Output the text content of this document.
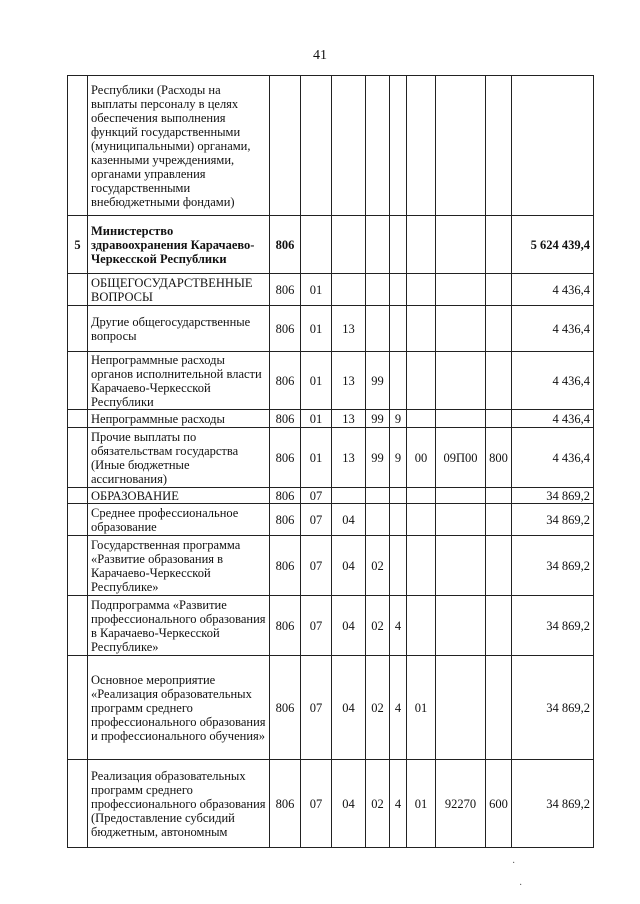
41
	Республики (Расходы на выплаты персоналу в целях обеспечения выполнения функций государственными (муниципальными) органами, казенными учреждениями, органами управления государственными внебюджетными фондами)									
5	Министерство здравоохранения Карачаево-Черкесской Республики	806								5 624 439,4
	ОБЩЕГОСУДАРСТВЕННЫЕ ВОПРОСЫ	806	01							4 436,4
	Другие общегосударственные вопросы	806	01	13						4 436,4
	Непрограммные расходы органов исполнительной власти Карачаево-Черкесской Республики	806	01	13	99					4 436,4
	Непрограммные расходы	806	01	13	99	9				4 436,4
	Прочие выплаты по обязательствам государства (Иные бюджетные ассигнования)	806	01	13	99	9	00	09П00	800	4 436,4
	ОБРАЗОВАНИЕ	806	07							34 869,2
	Среднее профессиональное образование	806	07	04						34 869,2
	Государственная программа «Развитие образования в Карачаево-Черкесской Республике»	806	07	04	02					34 869,2
	Подпрограмма «Развитие профессионального образования в Карачаево-Черкесской Республике»	806	07	04	02	4				34 869,2
	Основное мероприятие «Реализация образовательных программ среднего профессионального образования и профессионального обучения»	806	07	04	02	4	01			34 869,2
	Реализация образовательных программ среднего профессионального образования (Предоставление субсидий бюджетным, автономным	806	07	04	02	4	01	92270	600	34 869,2
·
·
